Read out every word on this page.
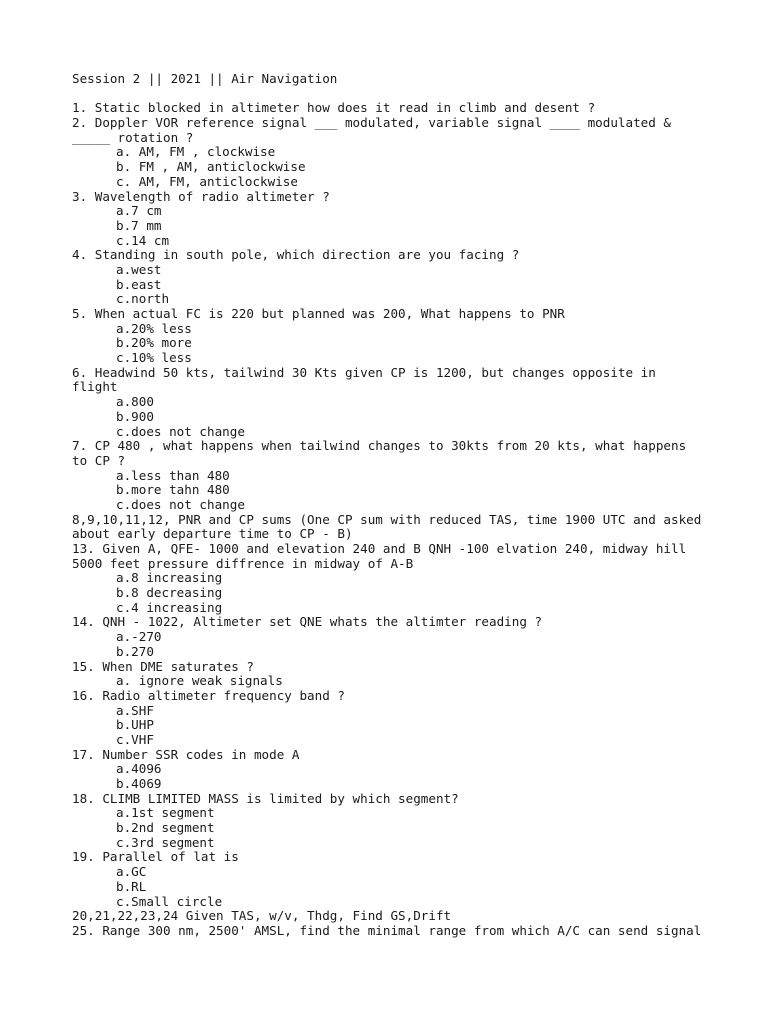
Session 2 || 2021 || Air Navigation
1. Static blocked in altimeter how does it read in climb and desent ?
2. Doppler VOR reference signal ___ modulated, variable signal ____ modulated &
_____ rotation ?
a. AM, FM , clockwise
b. FM , AM, anticlockwise
c. AM, FM, anticlockwise
3. Wavelength of radio altimeter ?
a.7 cm
b.7 mm
c.14 cm
4. Standing in south pole, which direction are you facing ?
a.west
b.east
c.north
5. When actual FC is 220 but planned was 200, What happens to PNR
a.20% less
b.20% more
c.10% less
6. Headwind 50 kts, tailwind 30 Kts given CP is 1200, but changes opposite in
flight
a.800
b.900
c.does not change
7. CP 480 , what happens when tailwind changes to 30kts from 20 kts, what happens
to CP ?
a.less than 480
b.more tahn 480
c.does not change
8,9,10,11,12, PNR and CP sums (One CP sum with reduced TAS, time 1900 UTC and asked
about early departure time to CP - B)
13. Given A, QFE- 1000 and elevation 240 and B QNH -100 elvation 240, midway hill
5000 feet pressure diffrence in midway of A-B
a.8 increasing
b.8 decreasing
c.4 increasing
14. QNH - 1022, Altimeter set QNE whats the altimter reading ?
a.-270
b.270
15. When DME saturates ?
a. ignore weak signals
16. Radio altimeter frequency band ?
a.SHF
b.UHP
c.VHF
17. Number SSR codes in mode A
a.4096
b.4069
18. CLIMB LIMITED MASS is limited by which segment?
a.1st segment
b.2nd segment
c.3rd segment
19. Parallel of lat is
a.GC
b.RL
c.Small circle
20,21,22,23,24 Given TAS, w/v, Thdg, Find GS,Drift
25. Range 300 nm, 2500' AMSL, find the minimal range from which A/C can send signal
